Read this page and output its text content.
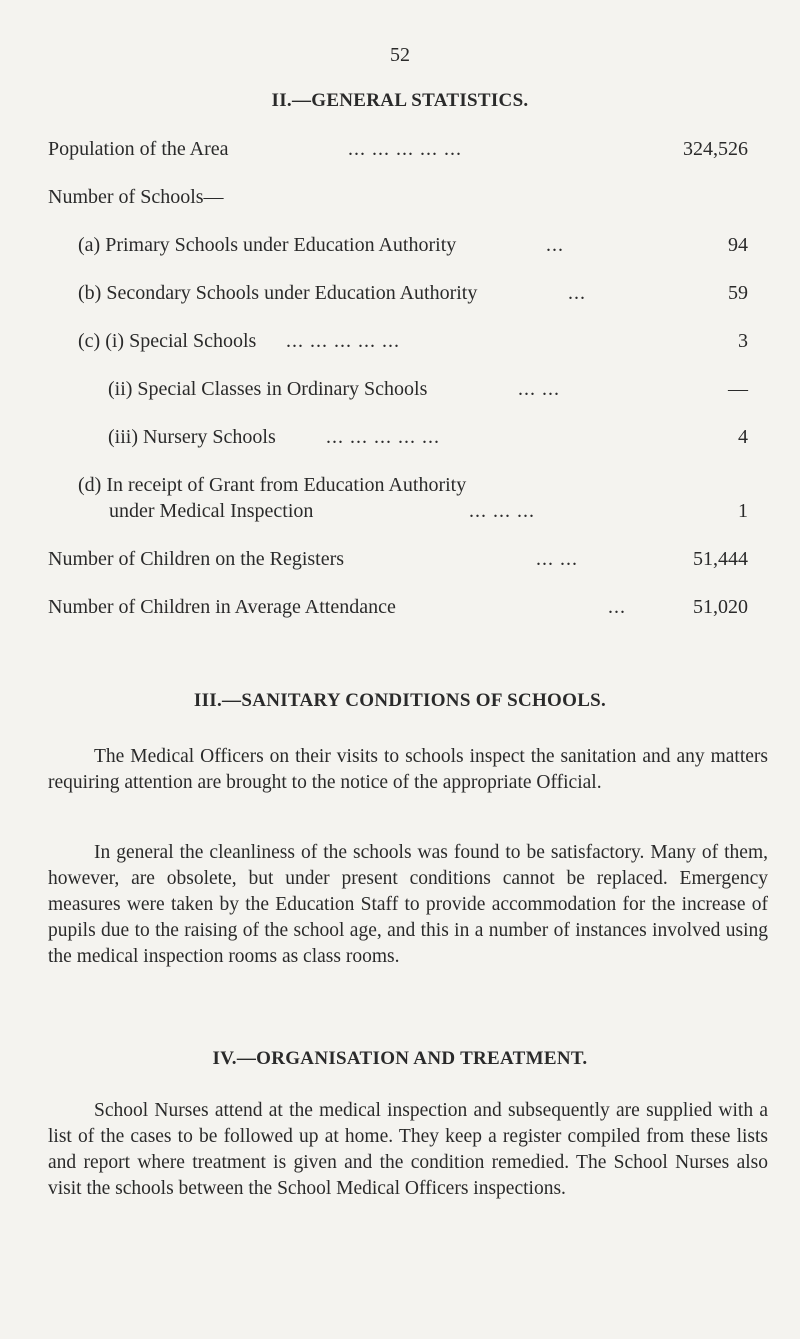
52
II.—GENERAL STATISTICS.
Population of the Area	... ... ... ... ...	324,526
Number of Schools—
(a) Primary Schools under Education Authority	...	94
(b) Secondary Schools under Education Authority	...	59
(c) (i) Special Schools ... ... ... ... ...	3
(ii) Special Classes in Ordinary Schools	... ...	—
(iii) Nursery Schools	... ... ... ... ...	4
(d) In receipt of Grant from Education Authority
under Medical Inspection	... ... ...	1
Number of Children on the Registers	... ...	51,444
Number of Children in Average Attendance	...	51,020
III.—SANITARY CONDITIONS OF SCHOOLS.

The Medical Officers on their visits to schools inspect the sanitation and any matters requiring attention are brought to the notice of the appropriate Official.

In general the cleanliness of the schools was found to be satisfactory. Many of them, however, are obsolete, but under present conditions cannot be replaced. Emergency measures were taken by the Education Staff to provide accommodation for the increase of pupils due to the raising of the school age, and this in a number of instances involved using the medical inspection rooms as class rooms.

IV.—ORGANISATION AND TREATMENT.

School Nurses attend at the medical inspection and subsequently are supplied with a list of the cases to be followed up at home. They keep a register compiled from these lists and report where treatment is given and the condition remedied. The School Nurses also visit the schools between the School Medical Officers inspections.
